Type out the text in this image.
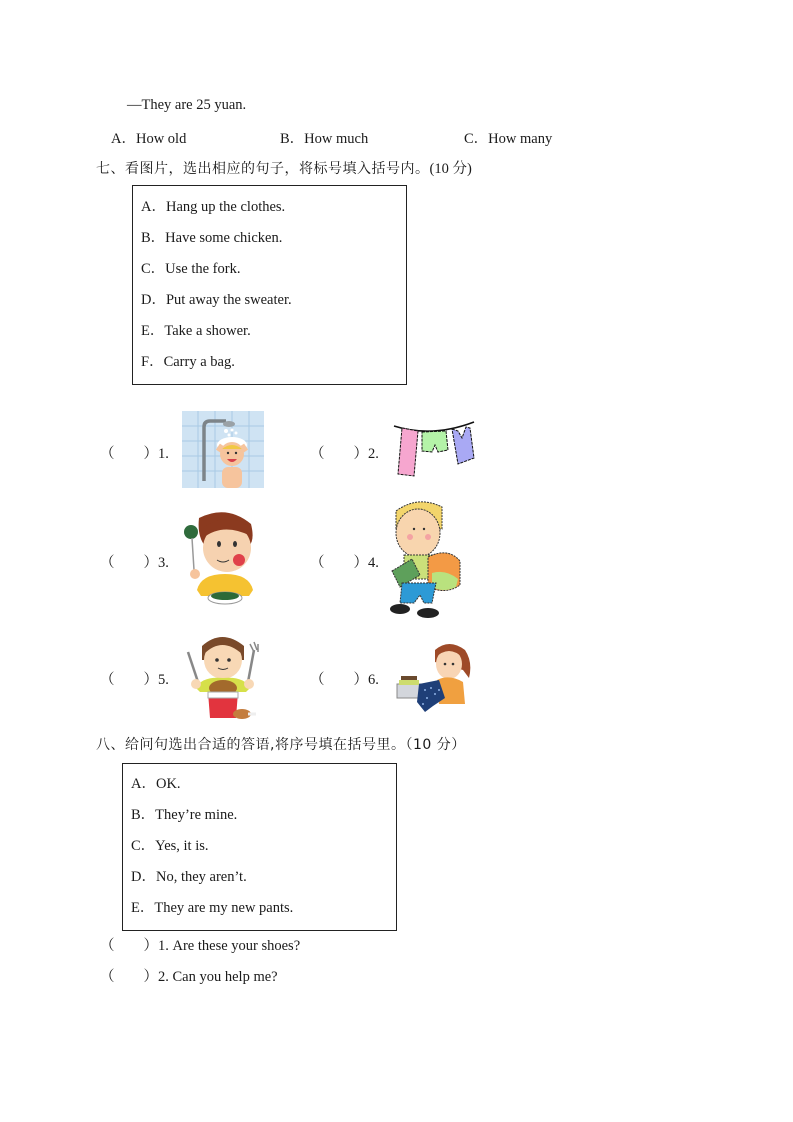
—They are 25 yuan.
A．How old	B．How much	C．How many
七、看图片，选出相应的句子，将标号填入括号内。(10 分)
A．Hang up the clothes.
B．Have some chicken.
C．Use the fork.
D．Put away the sweater.
E．Take a shower.
F．Carry a bag.
（　　）1.	（　　）2.
（　　）3.	（　　）4.
（　　）5.	（　　）6.
八、给问句选出合适的答语,将序号填在括号里。（10 分）
A．OK.
B．They’re mine.
C．Yes, it is.
D．No, they aren’t.
E．They are my new pants.
（　　）1. Are these your shoes?
（　　）2. Can you help me?
